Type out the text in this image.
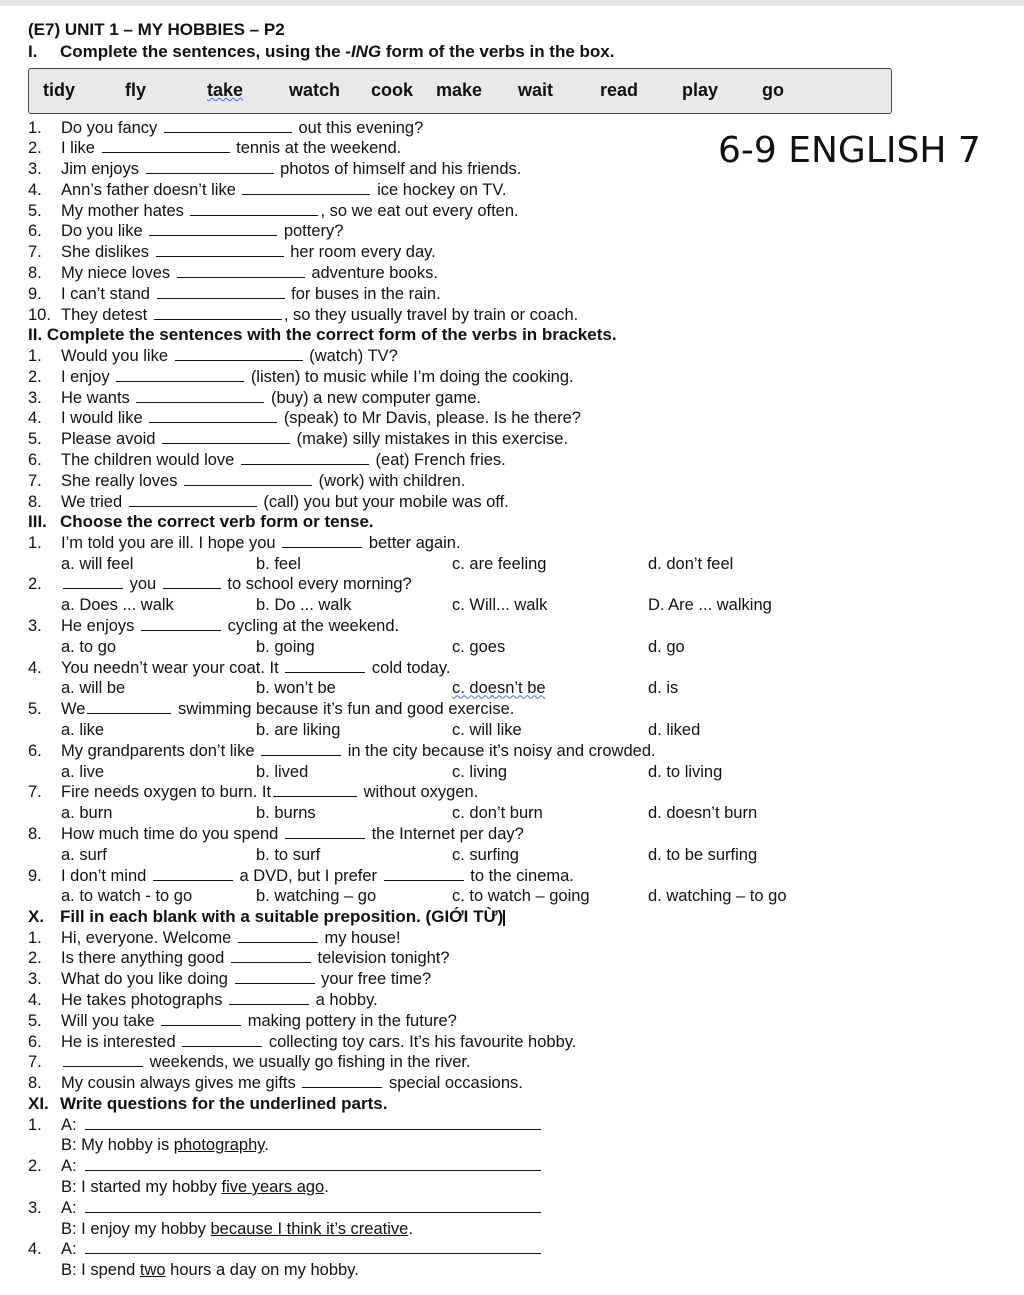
(E7) UNIT 1 – MY HOBBIES – P2
I. Complete the sentences, using the -ING form of the verbs in the box.
tidy	fly	take	watch	cook	make	wait	read	play	go
1. Do you fancy	out this evening?
2. I like	tennis at the weekend.
3. Jim enjoys	photos of himself and his friends.
4. Ann’s father doesn’t like	ice hockey on TV.
5. My mother hates	, so we eat out every often.
6. Do you like	pottery?
7. She dislikes	her room every day.
8. My niece loves	adventure books.
9. I can’t stand	for buses in the rain.
10. They detest	, so they usually travel by train or coach.
II. Complete the sentences with the correct form of the verbs in brackets.
1. Would you like	(watch) TV?
2. I enjoy	(listen) to music while I’m doing the cooking.
3. He wants	(buy) a new computer game.
4. I would like	(speak) to Mr Davis, please. Is he there?
5. Please avoid	(make) silly mistakes in this exercise.
6. The children would love	(eat) French fries.
7. She really loves	(work) with children.
8. We tried	(call) you but your mobile was off.
III. Choose the correct verb form or tense.
1. I’m told you are ill. I hope you	better again.
a. will feel	b. feel	c. are feeling	d. don’t feel
2.	you	to school every morning?
a. Does ... walk	b. Do ... walk	c. Will... walk	D. Are ... walking
3. He enjoys	cycling at the weekend.
a. to go	b. going	c. goes	d. go
4. You needn’t wear your coat. It	cold today.
a. will be	b. won’t be	c. doesn’t be	d. is
5. We	swimming because it’s fun and good exercise.
a. like	b. are liking	c. will like	d. liked
6. My grandparents don’t like	in the city because it’s noisy and crowded.
a. live	b. lived	c. living	d. to living
7. Fire needs oxygen to burn. It	without oxygen.
a. burn	b. burns	c. don’t burn	d. doesn’t burn
8. How much time do you spend	the Internet per day?
a. surf	b. to surf	c. surfing	d. to be surfing
9. I don’t mind	a DVD, but I prefer	to the cinema.
a. to watch - to go	b. watching – go	c. to watch – going	d. watching – to go
X. Fill in each blank with a suitable preposition. (GIỚI TỪ)
1. Hi, everyone. Welcome	my house!
2. Is there anything good	television tonight?
3. What do you like doing	your free time?
4. He takes photographs	a hobby.
5. Will you take	making pottery in the future?
6. He is interested	collecting toy cars. It’s his favourite hobby.
7.	weekends, we usually go fishing in the river.
8. My cousin always gives me gifts	special occasions.
XI. Write questions for the underlined parts.
1. A:
B: My hobby is photography.
2. A:
B: I started my hobby five years ago.
3. A:
B: I enjoy my hobby because I think it’s creative.
4. A:
B: I spend two hours a day on my hobby.
6-9 ENGLISH 7
